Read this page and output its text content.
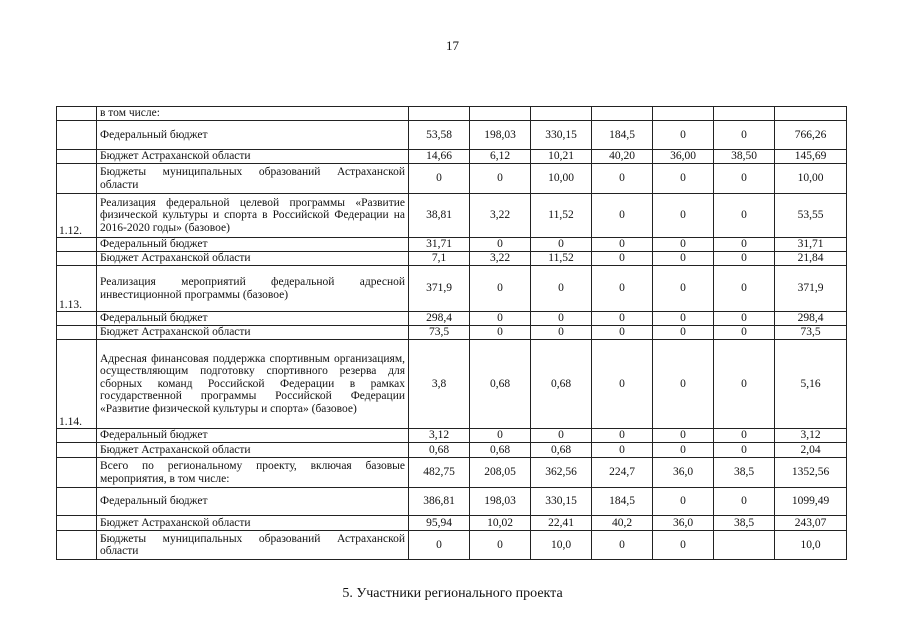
17
	в том числе:							
	Федеральный бюджет	53,58	198,03	330,15	184,5	0	0	766,26
	Бюджет Астраханской области	14,66	6,12	10,21	40,20	36,00	38,50	145,69
	Бюджеты муниципальных образований Астраханской области	0	0	10,00	0	0	0	10,00
1.12.	Реализация федеральной целевой программы «Развитие физической культуры и спорта в Российской Федерации на 2016-2020 годы» (базовое)	38,81	3,22	11,52	0	0	0	53,55
	Федеральный бюджет	31,71	0	0	0	0	0	31,71
	Бюджет Астраханской области	7,1	3,22	11,52	0	0	0	21,84
1.13.	Реализация мероприятий федеральной адресной инвестиционной программы (базовое)	371,9	0	0	0	0	0	371,9
	Федеральный бюджет	298,4	0	0	0	0	0	298,4
	Бюджет Астраханской области	73,5	0	0	0	0	0	73,5
1.14.	Адресная финансовая поддержка спортивным организациям, осуществляющим подготовку спортивного резерва для сборных команд Российской Федерации в рамках государственной программы Российской Федерации «Развитие физической культуры и спорта» (базовое)	3,8	0,68	0,68	0	0	0	5,16
	Федеральный бюджет	3,12	0	0	0	0	0	3,12
	Бюджет Астраханской области	0,68	0,68	0,68	0	0	0	2,04
	Всего по региональному проекту, включая базовые мероприятия, в том числе:	482,75	208,05	362,56	224,7	36,0	38,5	1352,56
	Федеральный бюджет	386,81	198,03	330,15	184,5	0	0	1099,49
	Бюджет Астраханской области	95,94	10,02	22,41	40,2	36,0	38,5	243,07
	Бюджеты муниципальных образований Астраханской области	0	0	10,0	0	0		10,0
5. Участники регионального проекта
